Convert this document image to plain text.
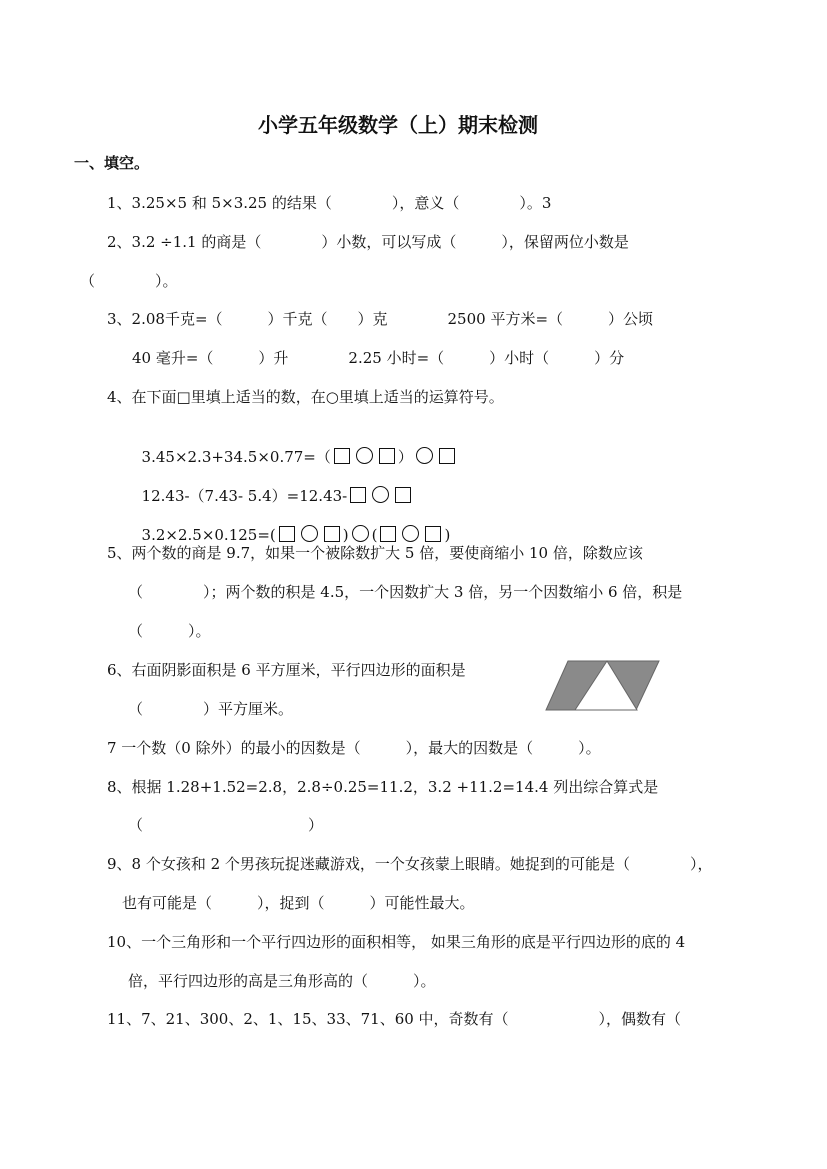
小学五年级数学（上）期末检测
一、填空。
1、3.25×5 和 5×3.25 的结果（　　　　），意义（　　　　）。3
2、3.2 ÷1.1 的商是（　　　　）小数，可以写成（　　　），保留两位小数是
（　　　　）。
3、2.08千克=（　　　）千克（　　）克　　　　2500 平方米=（　　　）公顷
40 毫升=（　　　）升　　　　2.25 小时=（　　　）小时（　　　）分
4、在下面□里填上适当的数，在○里填上适当的运算符号。

3.45×2.3+34.5×0.77=（	）

12.43-（7.43- 5.4）=12.43-

3.2×2.5×0.125=(	) (	)

5、两个数的商是 9.7，如果一个被除数扩大 5 倍，要使商缩小 10 倍，除数应该
（　　　　）；两个数的积是 4.5，一个因数扩大 3 倍，另一个因数缩小 6 倍，积是
（　　　）。
6、右面阴影面积是 6 平方厘米，平行四边形的面积是
（　　　　）平方厘米。
7 一个数（0 除外）的最小的因数是（　　　），最大的因数是（　　　）。
8、根据 1.28+1.52=2.8，2.8÷0.25=11.2，3.2 +11.2=14.4 列出综合算式是
（　　　　　　　　　　　）
9、8 个女孩和 2 个男孩玩捉迷藏游戏，一个女孩蒙上眼睛。她捉到的可能是（　　　　），
也有可能是（　　　），捉到（　　　）可能性最大。
10、一个三角形和一个平行四边形的面积相等， 如果三角形的底是平行四边形的底的 4
倍，平行四边形的高是三角形高的（　　　）。
11、7、21、300、2、1、15、33、71、60 中，奇数有（　　　　　　），偶数有（
